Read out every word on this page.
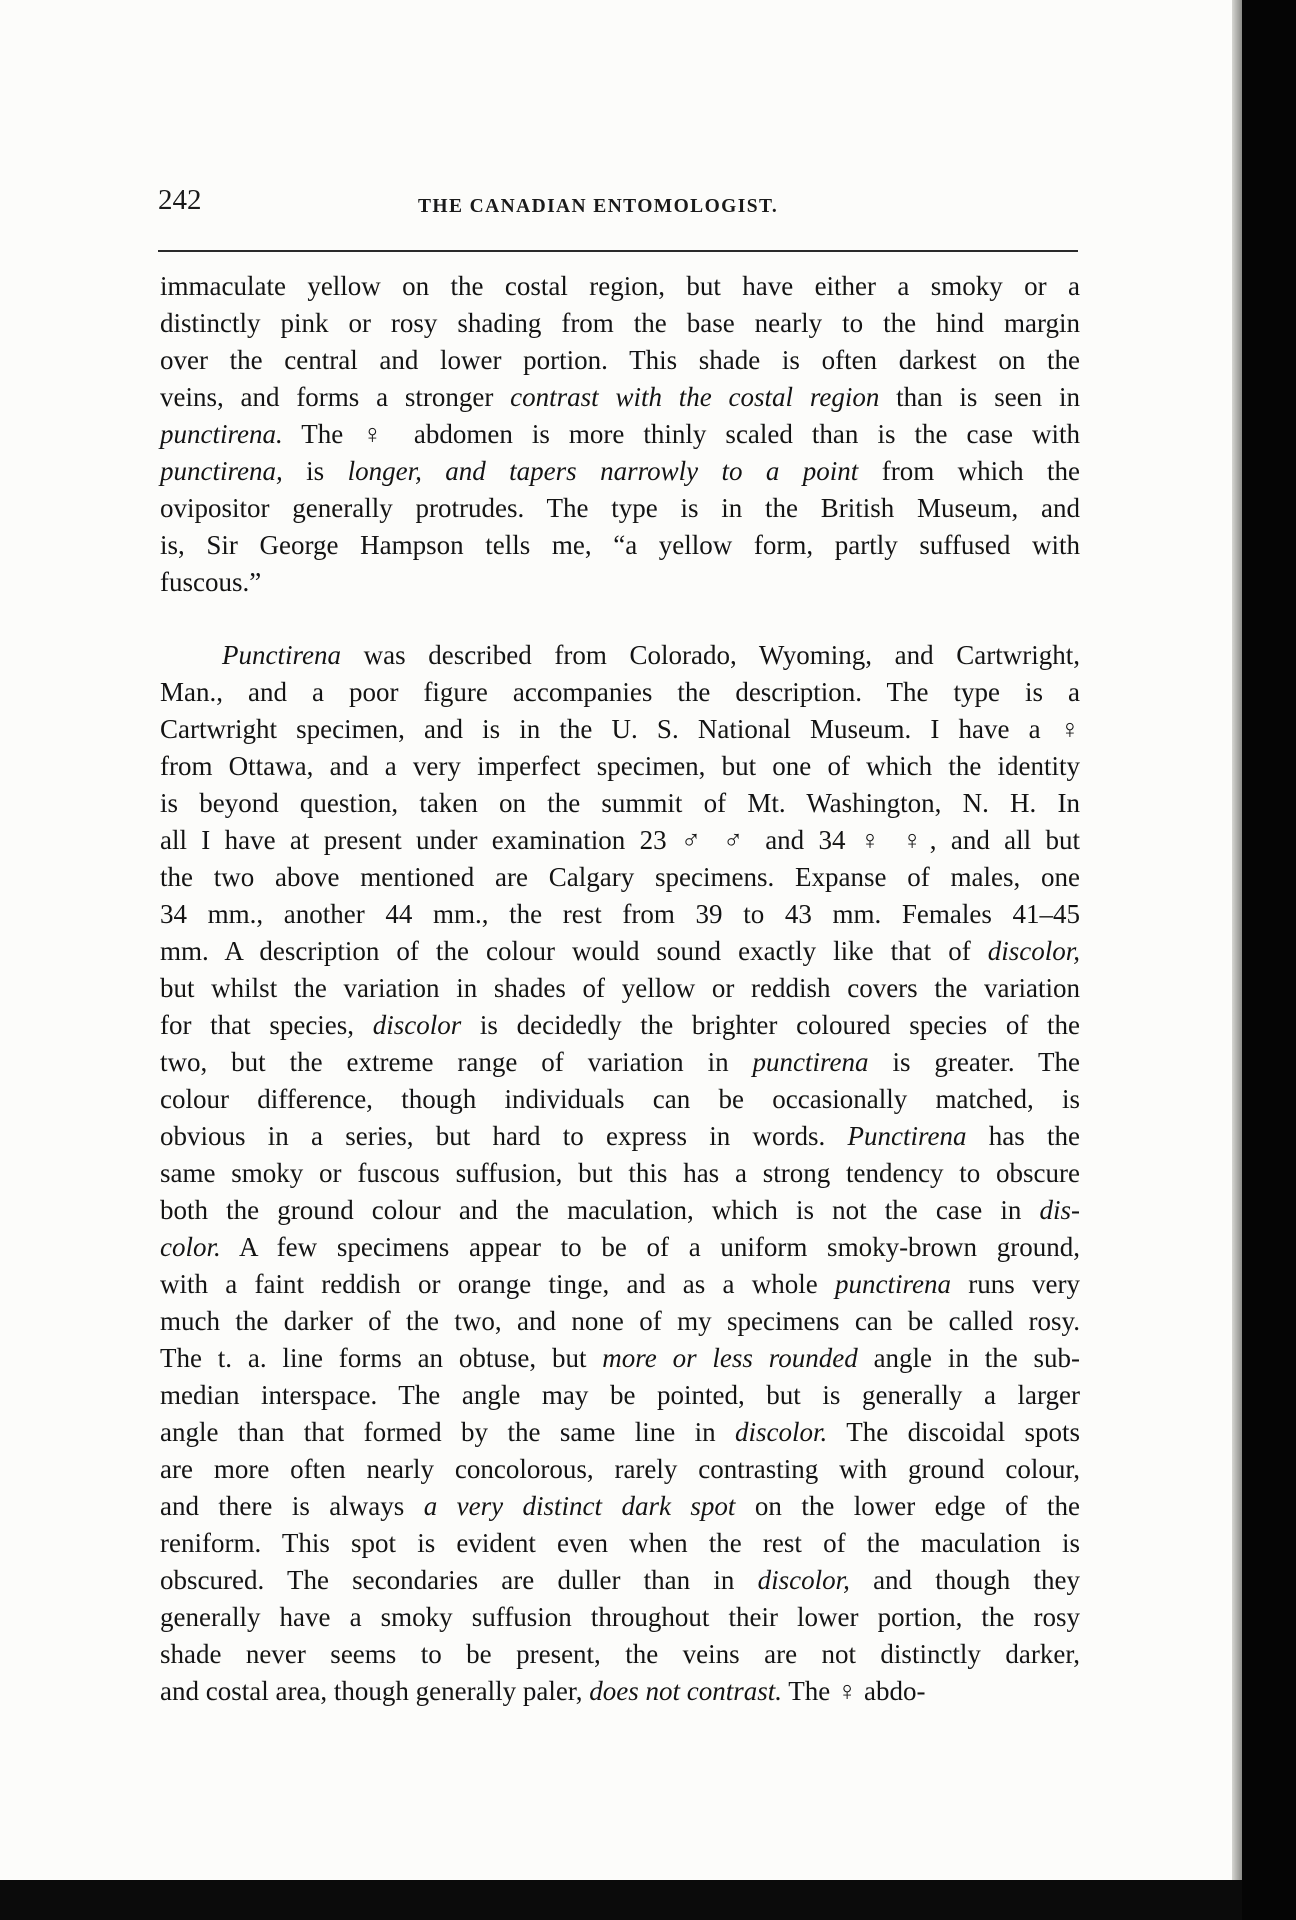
242	THE CANADIAN ENTOMOLOGIST.
immaculate yellow on the costal region, but have either a smoky or a
distinctly pink or rosy shading from the base nearly to the hind margin
over the central and lower portion. This shade is often darkest on the
veins, and forms a stronger contrast with the costal region than is seen in
punctirena. The ♀ abdomen is more thinly scaled than is the case with
punctirena, is longer, and tapers narrowly to a point from which the
ovipositor generally protrudes. The type is in the British Museum, and
is, Sir George Hampson tells me, “a yellow form, partly suffused with
fuscous.”
Punctirena was described from Colorado, Wyoming, and Cartwright,
Man., and a poor figure accompanies the description. The type is a
Cartwright specimen, and is in the U. S. National Museum. I have a ♀
from Ottawa, and a very imperfect specimen, but one of which the identity
is beyond question, taken on the summit of Mt. Washington, N. H. In
all I have at present under examination 23 ♂ ♂ and 34 ♀ ♀, and all but
the two above mentioned are Calgary specimens. Expanse of males, one
34 mm., another 44 mm., the rest from 39 to 43 mm. Females 41–45
mm. A description of the colour would sound exactly like that of discolor,
but whilst the variation in shades of yellow or reddish covers the variation
for that species, discolor is decidedly the brighter coloured species of the
two, but the extreme range of variation in punctirena is greater. The
colour difference, though individuals can be occasionally matched, is
obvious in a series, but hard to express in words. Punctirena has the
same smoky or fuscous suffusion, but this has a strong tendency to obscure
both the ground colour and the maculation, which is not the case in dis-
color. A few specimens appear to be of a uniform smoky-brown ground,
with a faint reddish or orange tinge, and as a whole punctirena runs very
much the darker of the two, and none of my specimens can be called rosy.
The t. a. line forms an obtuse, but more or less rounded angle in the sub-
median interspace. The angle may be pointed, but is generally a larger
angle than that formed by the same line in discolor. The discoidal spots
are more often nearly concolorous, rarely contrasting with ground colour,
and there is always a very distinct dark spot on the lower edge of the
reniform. This spot is evident even when the rest of the maculation is
obscured. The secondaries are duller than in discolor, and though they
generally have a smoky suffusion throughout their lower portion, the rosy
shade never seems to be present, the veins are not distinctly darker,
and costal area, though generally paler, does not contrast. The ♀ abdo-
